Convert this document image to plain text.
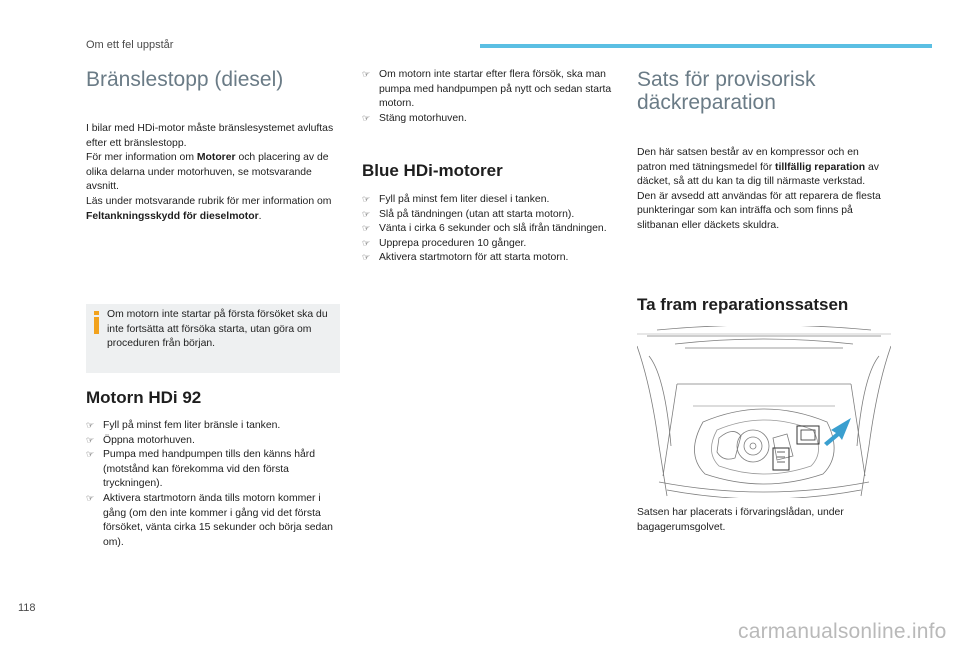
Om ett fel uppstår
Bränslestopp (diesel)
I bilar med HDi-motor måste bränslesystemet avluftas efter ett bränslestopp.
För mer information om Motorer och placering av de olika delarna under motorhuven, se motsvarande avsnitt.
Läs under motsvarande rubrik för mer information om Feltankningsskydd för dieselmotor.
Om motorn inte startar på första försöket ska du inte fortsätta att försöka starta, utan göra om proceduren från början.
Motorn HDi 92
☞ Fyll på minst fem liter bränsle i tanken.
☞ Öppna motorhuven.
☞ Pumpa med handpumpen tills den känns hård (motstånd kan förekomma vid den första tryckningen).
☞ Aktivera startmotorn ända tills motorn kommer i gång (om den inte kommer i gång vid det första försöket, vänta cirka 15 sekunder och börja sedan om).
☞ Om motorn inte startar efter flera försök, ska man pumpa med handpumpen på nytt och sedan starta motorn.
☞ Stäng motorhuven.
Blue HDi-motorer
☞ Fyll på minst fem liter diesel i tanken.
☞ Slå på tändningen (utan att starta motorn).
☞ Vänta i cirka 6 sekunder och slå ifrån tändningen.
☞ Upprepa proceduren 10 gånger.
☞ Aktivera startmotorn för att starta motorn.
Sats för provisorisk
däckreparation
Den här satsen består av en kompressor och en patron med tätningsmedel för tillfällig reparation av däcket, så att du kan ta dig till närmaste verkstad.
Den är avsedd att användas för att reparera de flesta punkteringar som kan inträffa och som finns på slitbanan eller däckets skuldra.
Ta fram reparationssatsen
Satsen har placerats i förvaringslådan, under bagagerumsgolvet.
118
carmanualsonline.info
